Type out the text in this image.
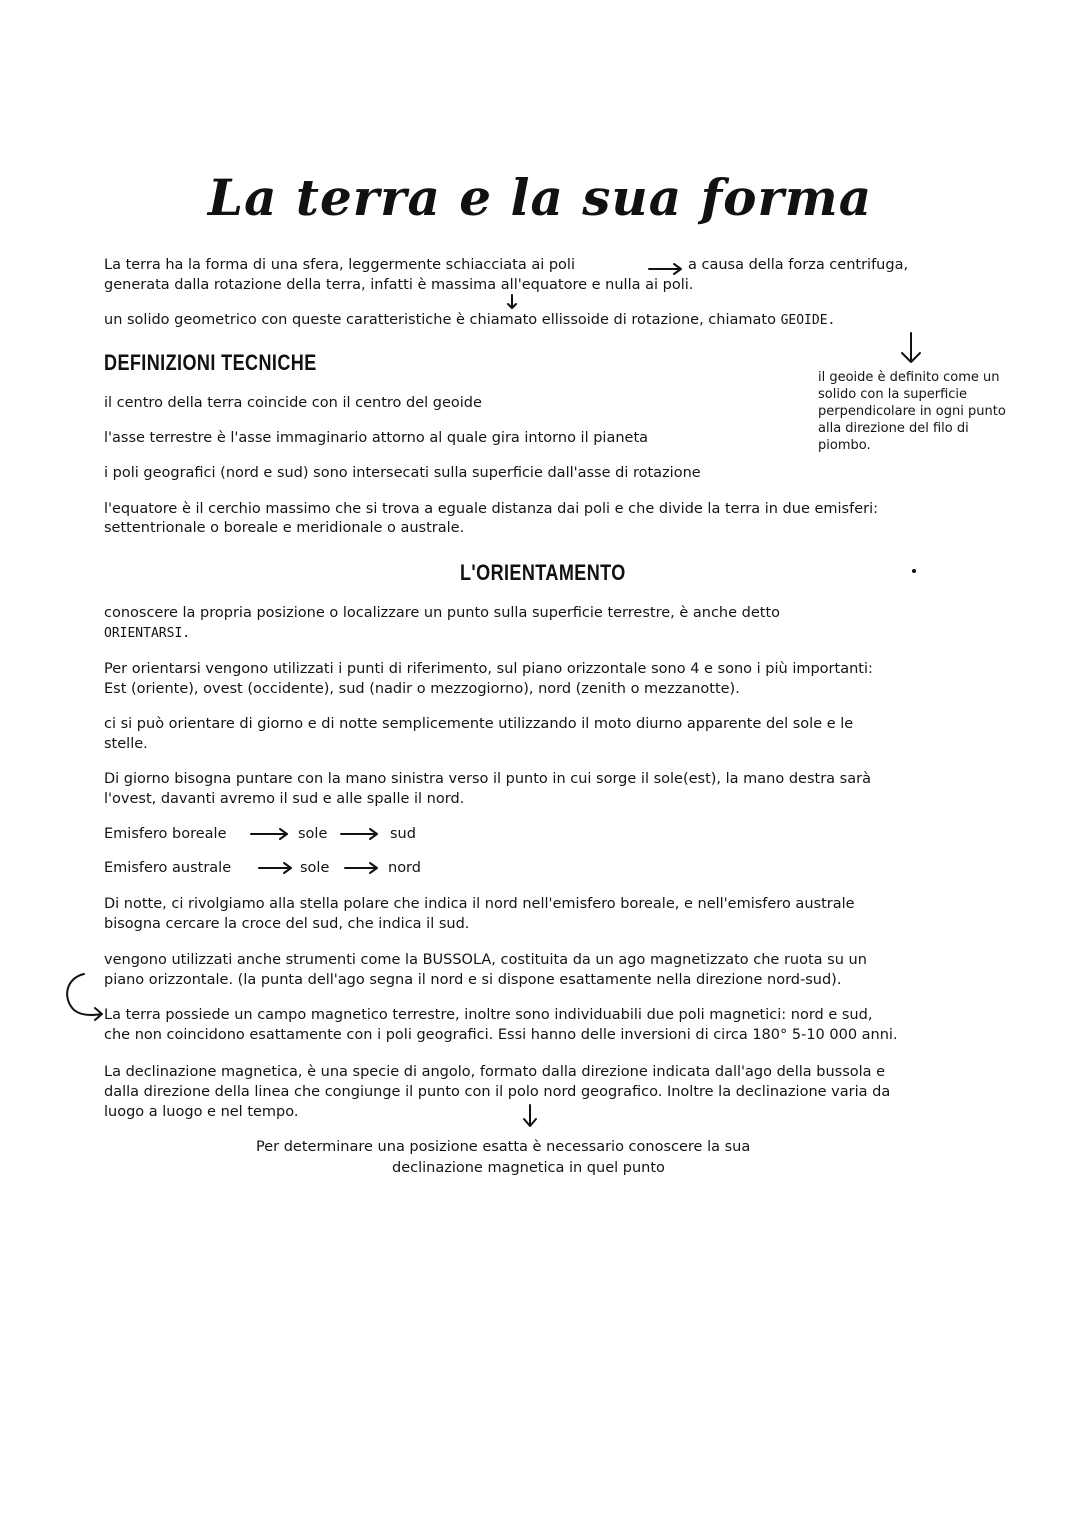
La terra e la sua forma
La terra ha la forma di una sfera, leggermente schiacciata ai poli	a causa della forza centrifuga,
generata dalla rotazione della terra, infatti è massima all'equatore e nulla ai poli.
un solido geometrico con queste caratteristiche è chiamato ellissoide di rotazione, chiamato GEOIDE.
DEFINIZIONI TECNICHE
il geoide è definito come un solido con la superficie perpendicolare in ogni punto alla direzione del filo di piombo.
il centro della terra coincide con il centro del geoide
l'asse terrestre è l'asse immaginario attorno al quale gira intorno il pianeta
i poli geografici (nord e sud) sono intersecati sulla superficie dall'asse di rotazione
l'equatore è il cerchio massimo che si trova a eguale distanza dai poli e che divide la terra in due emisferi:
settentrionale o boreale e meridionale o australe.
L'ORIENTAMENTO
conoscere la propria posizione o localizzare un punto sulla superficie terrestre, è anche detto
ORIENTARSI.
Per orientarsi vengono utilizzati i punti di riferimento, sul piano orizzontale sono 4 e sono i più importanti:
Est (oriente), ovest (occidente), sud (nadir o mezzogiorno), nord (zenith o mezzanotte).
ci si può orientare di giorno e di notte semplicemente utilizzando il moto diurno apparente del sole e le
stelle.
Di giorno bisogna puntare con la mano sinistra verso il punto in cui sorge il sole(est), la mano destra sarà
l'ovest, davanti avremo il sud e alle spalle il nord.
Emisfero boreale	sole	sud
Emisfero australe	sole	nord
Di notte, ci rivolgiamo alla stella polare che indica il nord nell'emisfero boreale, e nell'emisfero australe
bisogna cercare la croce del sud, che indica il sud.
vengono utilizzati anche strumenti come la BUSSOLA, costituita da un ago magnetizzato che ruota su un
piano orizzontale. (la punta dell'ago segna il nord e si dispone esattamente nella direzione nord-sud).
La terra possiede un campo magnetico terrestre, inoltre sono individuabili due poli magnetici: nord e sud,
che non coincidono esattamente con i poli geografici. Essi hanno delle inversioni di circa 180° 5-10 000 anni.
La declinazione magnetica, è una specie di angolo, formato dalla direzione indicata dall'ago della bussola e
dalla direzione della linea che congiunge il punto con il polo nord geografico. Inoltre la declinazione varia da
luogo a luogo e nel tempo.
Per determinare una posizione esatta è necessario conoscere la sua
declinazione magnetica in quel punto
